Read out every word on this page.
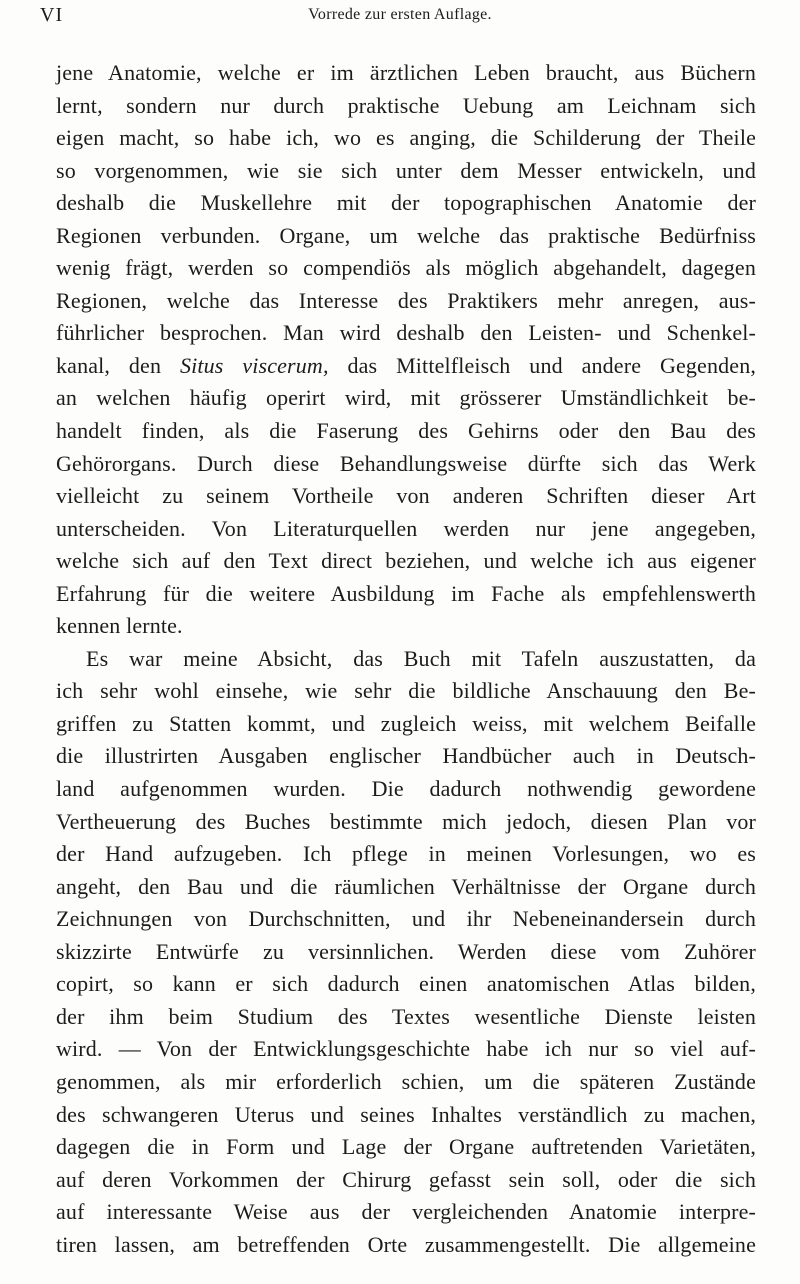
VI	Vorrede zur ersten Auflage.
jene Anatomie, welche er im ärztlichen Leben braucht, aus Büchern
lernt, sondern nur durch praktische Uebung am Leichnam sich
eigen macht, so habe ich, wo es anging, die Schilderung der Theile
so vorgenommen, wie sie sich unter dem Messer entwickeln, und
deshalb die Muskellehre mit der topographischen Anatomie der
Regionen verbunden. Organe, um welche das praktische Bedürfniss
wenig frägt, werden so compendiös als möglich abgehandelt, dagegen
Regionen, welche das Interesse des Praktikers mehr anregen, aus-
führlicher besprochen. Man wird deshalb den Leisten- und Schenkel-
kanal, den Situs viscerum, das Mittelfleisch und andere Gegenden,
an welchen häufig operirt wird, mit grösserer Umständlichkeit be-
handelt finden, als die Faserung des Gehirns oder den Bau des
Gehörorgans. Durch diese Behandlungsweise dürfte sich das Werk
vielleicht zu seinem Vortheile von anderen Schriften dieser Art
unterscheiden. Von Literaturquellen werden nur jene angegeben,
welche sich auf den Text direct beziehen, und welche ich aus eigener
Erfahrung für die weitere Ausbildung im Fache als empfehlenswerth
kennen lernte.
Es war meine Absicht, das Buch mit Tafeln auszustatten, da
ich sehr wohl einsehe, wie sehr die bildliche Anschauung den Be-
griffen zu Statten kommt, und zugleich weiss, mit welchem Beifalle
die illustrirten Ausgaben englischer Handbücher auch in Deutsch-
land aufgenommen wurden. Die dadurch nothwendig gewordene
Vertheuerung des Buches bestimmte mich jedoch, diesen Plan vor
der Hand aufzugeben. Ich pflege in meinen Vorlesungen, wo es
angeht, den Bau und die räumlichen Verhältnisse der Organe durch
Zeichnungen von Durchschnitten, und ihr Nebeneinandersein durch
skizzirte Entwürfe zu versinnlichen. Werden diese vom Zuhörer
copirt, so kann er sich dadurch einen anatomischen Atlas bilden,
der ihm beim Studium des Textes wesentliche Dienste leisten
wird. — Von der Entwicklungsgeschichte habe ich nur so viel auf-
genommen, als mir erforderlich schien, um die späteren Zustände
des schwangeren Uterus und seines Inhaltes verständlich zu machen,
dagegen die in Form und Lage der Organe auftretenden Varietäten,
auf deren Vorkommen der Chirurg gefasst sein soll, oder die sich
auf interessante Weise aus der vergleichenden Anatomie interpre-
tiren lassen, am betreffenden Orte zusammengestellt. Die allgemeine
